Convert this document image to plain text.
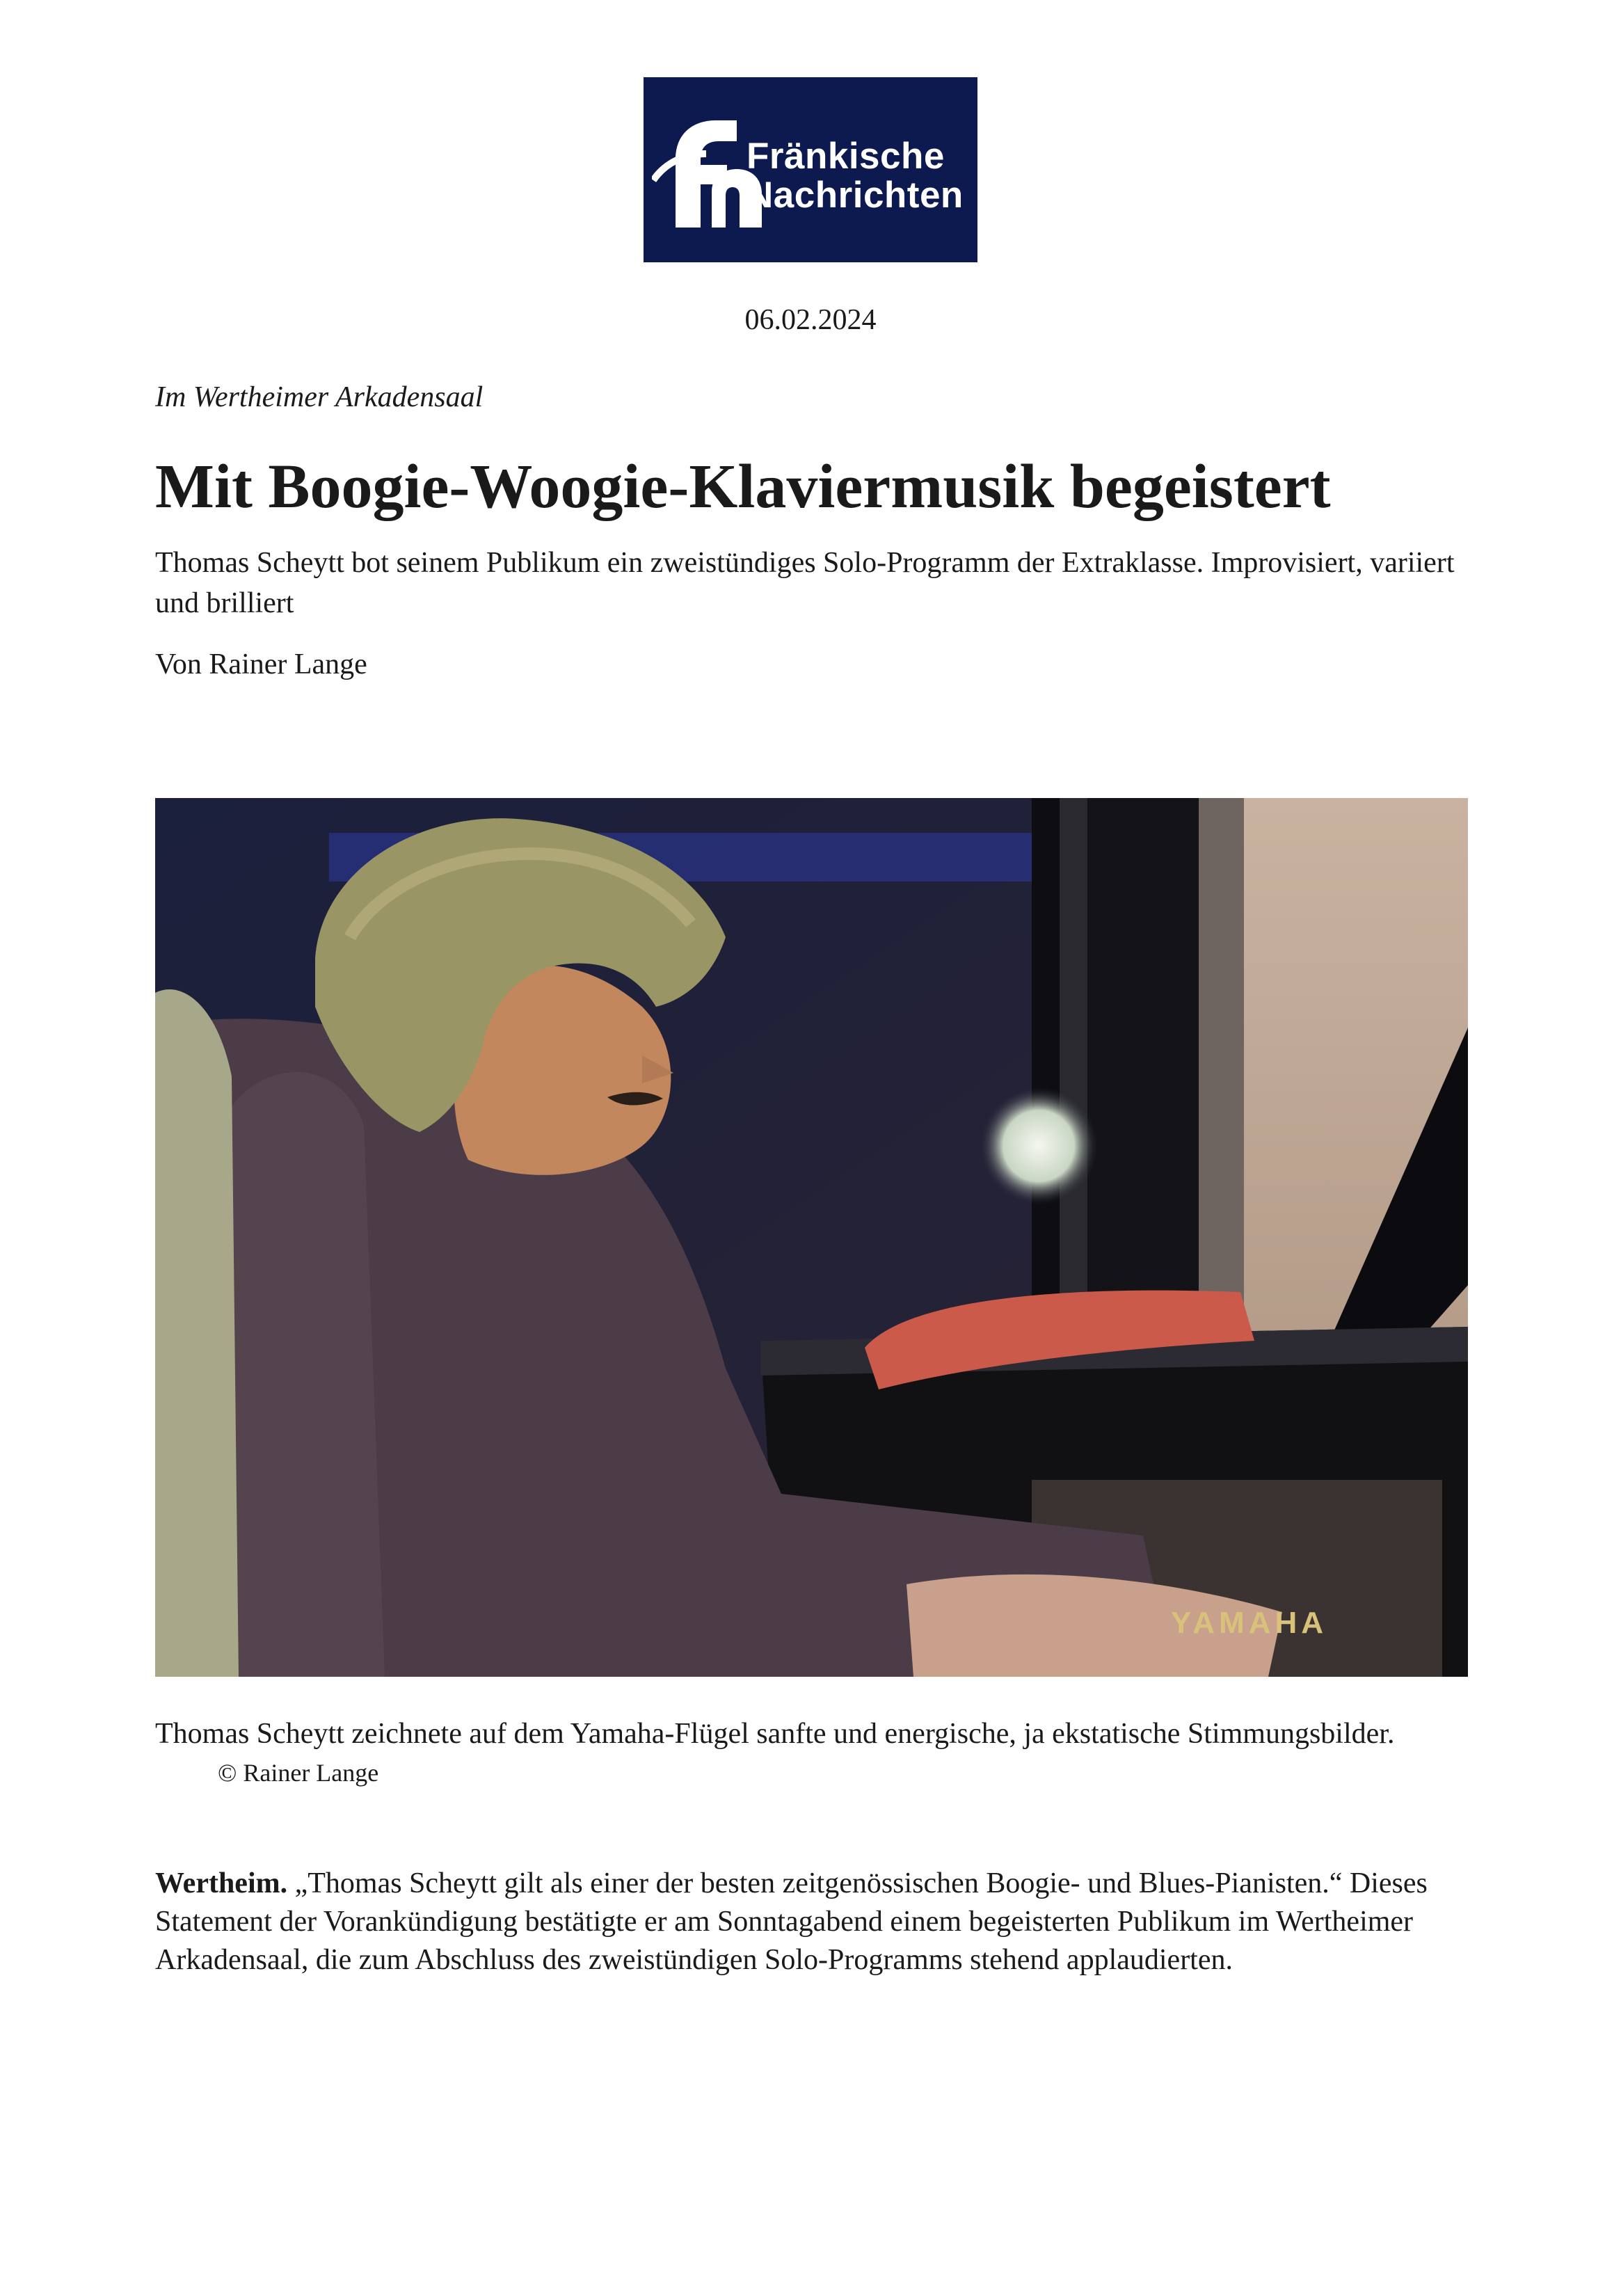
Fränkische
Nachrichten
06.02.2024
Im Wertheimer Arkadensaal
Mit Boogie-Woogie-Klaviermusik begeistert

Thomas Scheytt bot seinem Publikum ein zweistündiges Solo-Programm der Extraklasse. Improvisiert, variiert und brilliert

Von Rainer Lange
YAMAHA

Thomas Scheytt zeichnete auf dem Yamaha-Flügel sanfte und energische, ja ekstatische Stimmungsbilder. © Rainer Lange

Wertheim. „Thomas Scheytt gilt als einer der besten zeitgenössischen Boogie- und Blues-Pianisten.“ Dieses Statement der Vorankündigung bestätigte er am Sonntagabend einem begeisterten Publikum im Wertheimer Arkadensaal, die zum Abschluss des zweistündigen Solo-Programms stehend applaudierten.
